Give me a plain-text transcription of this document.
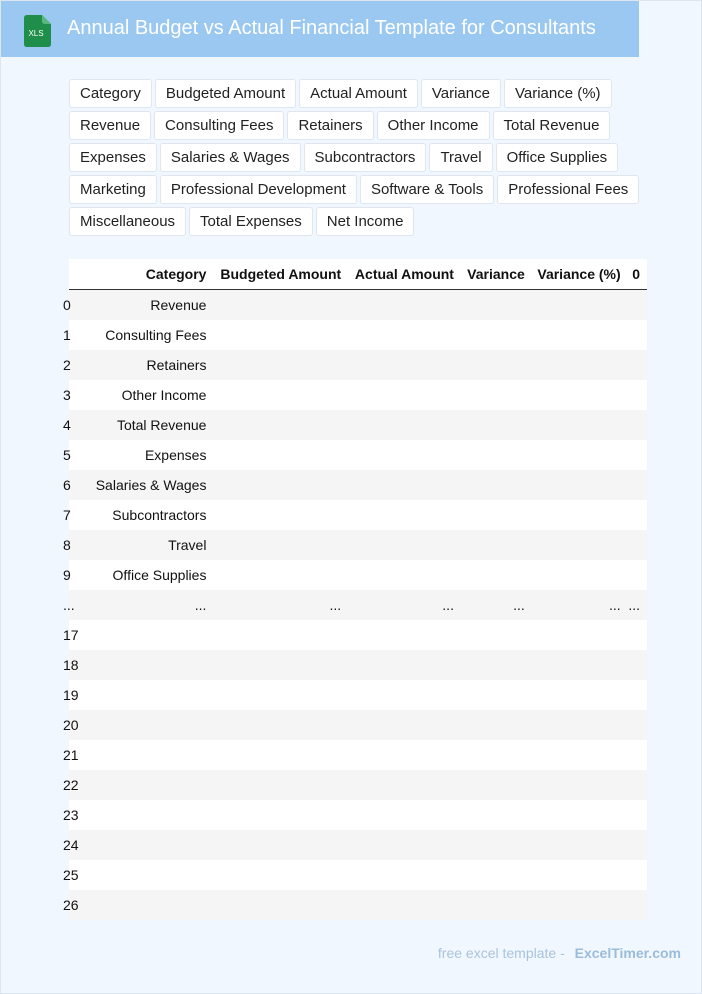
XLS Annual Budget vs Actual Financial Template for Consultants
Category	Budgeted Amount	Actual Amount	Variance	Variance (%)
Revenue	Consulting Fees	Retainers	Other Income	Total Revenue
Expenses	Salaries & Wages	Subcontractors	Travel	Office Supplies
Marketing	Professional Development	Software & Tools	Professional Fees
Miscellaneous	Total Expenses	Net Income
	Category	Budgeted Amount	Actual Amount	Variance	Variance (%)	0
0	Revenue					
1	Consulting Fees					
2	Retainers					
3	Other Income					
4	Total Revenue					
5	Expenses					
6	Salaries & Wages					
7	Subcontractors					
8	Travel					
9	Office Supplies					
...	...	...	...	...	...	...
17						
18						
19						
20						
21						
22						
23						
24						
25						
26						
free excel template - ExcelTimer.com
